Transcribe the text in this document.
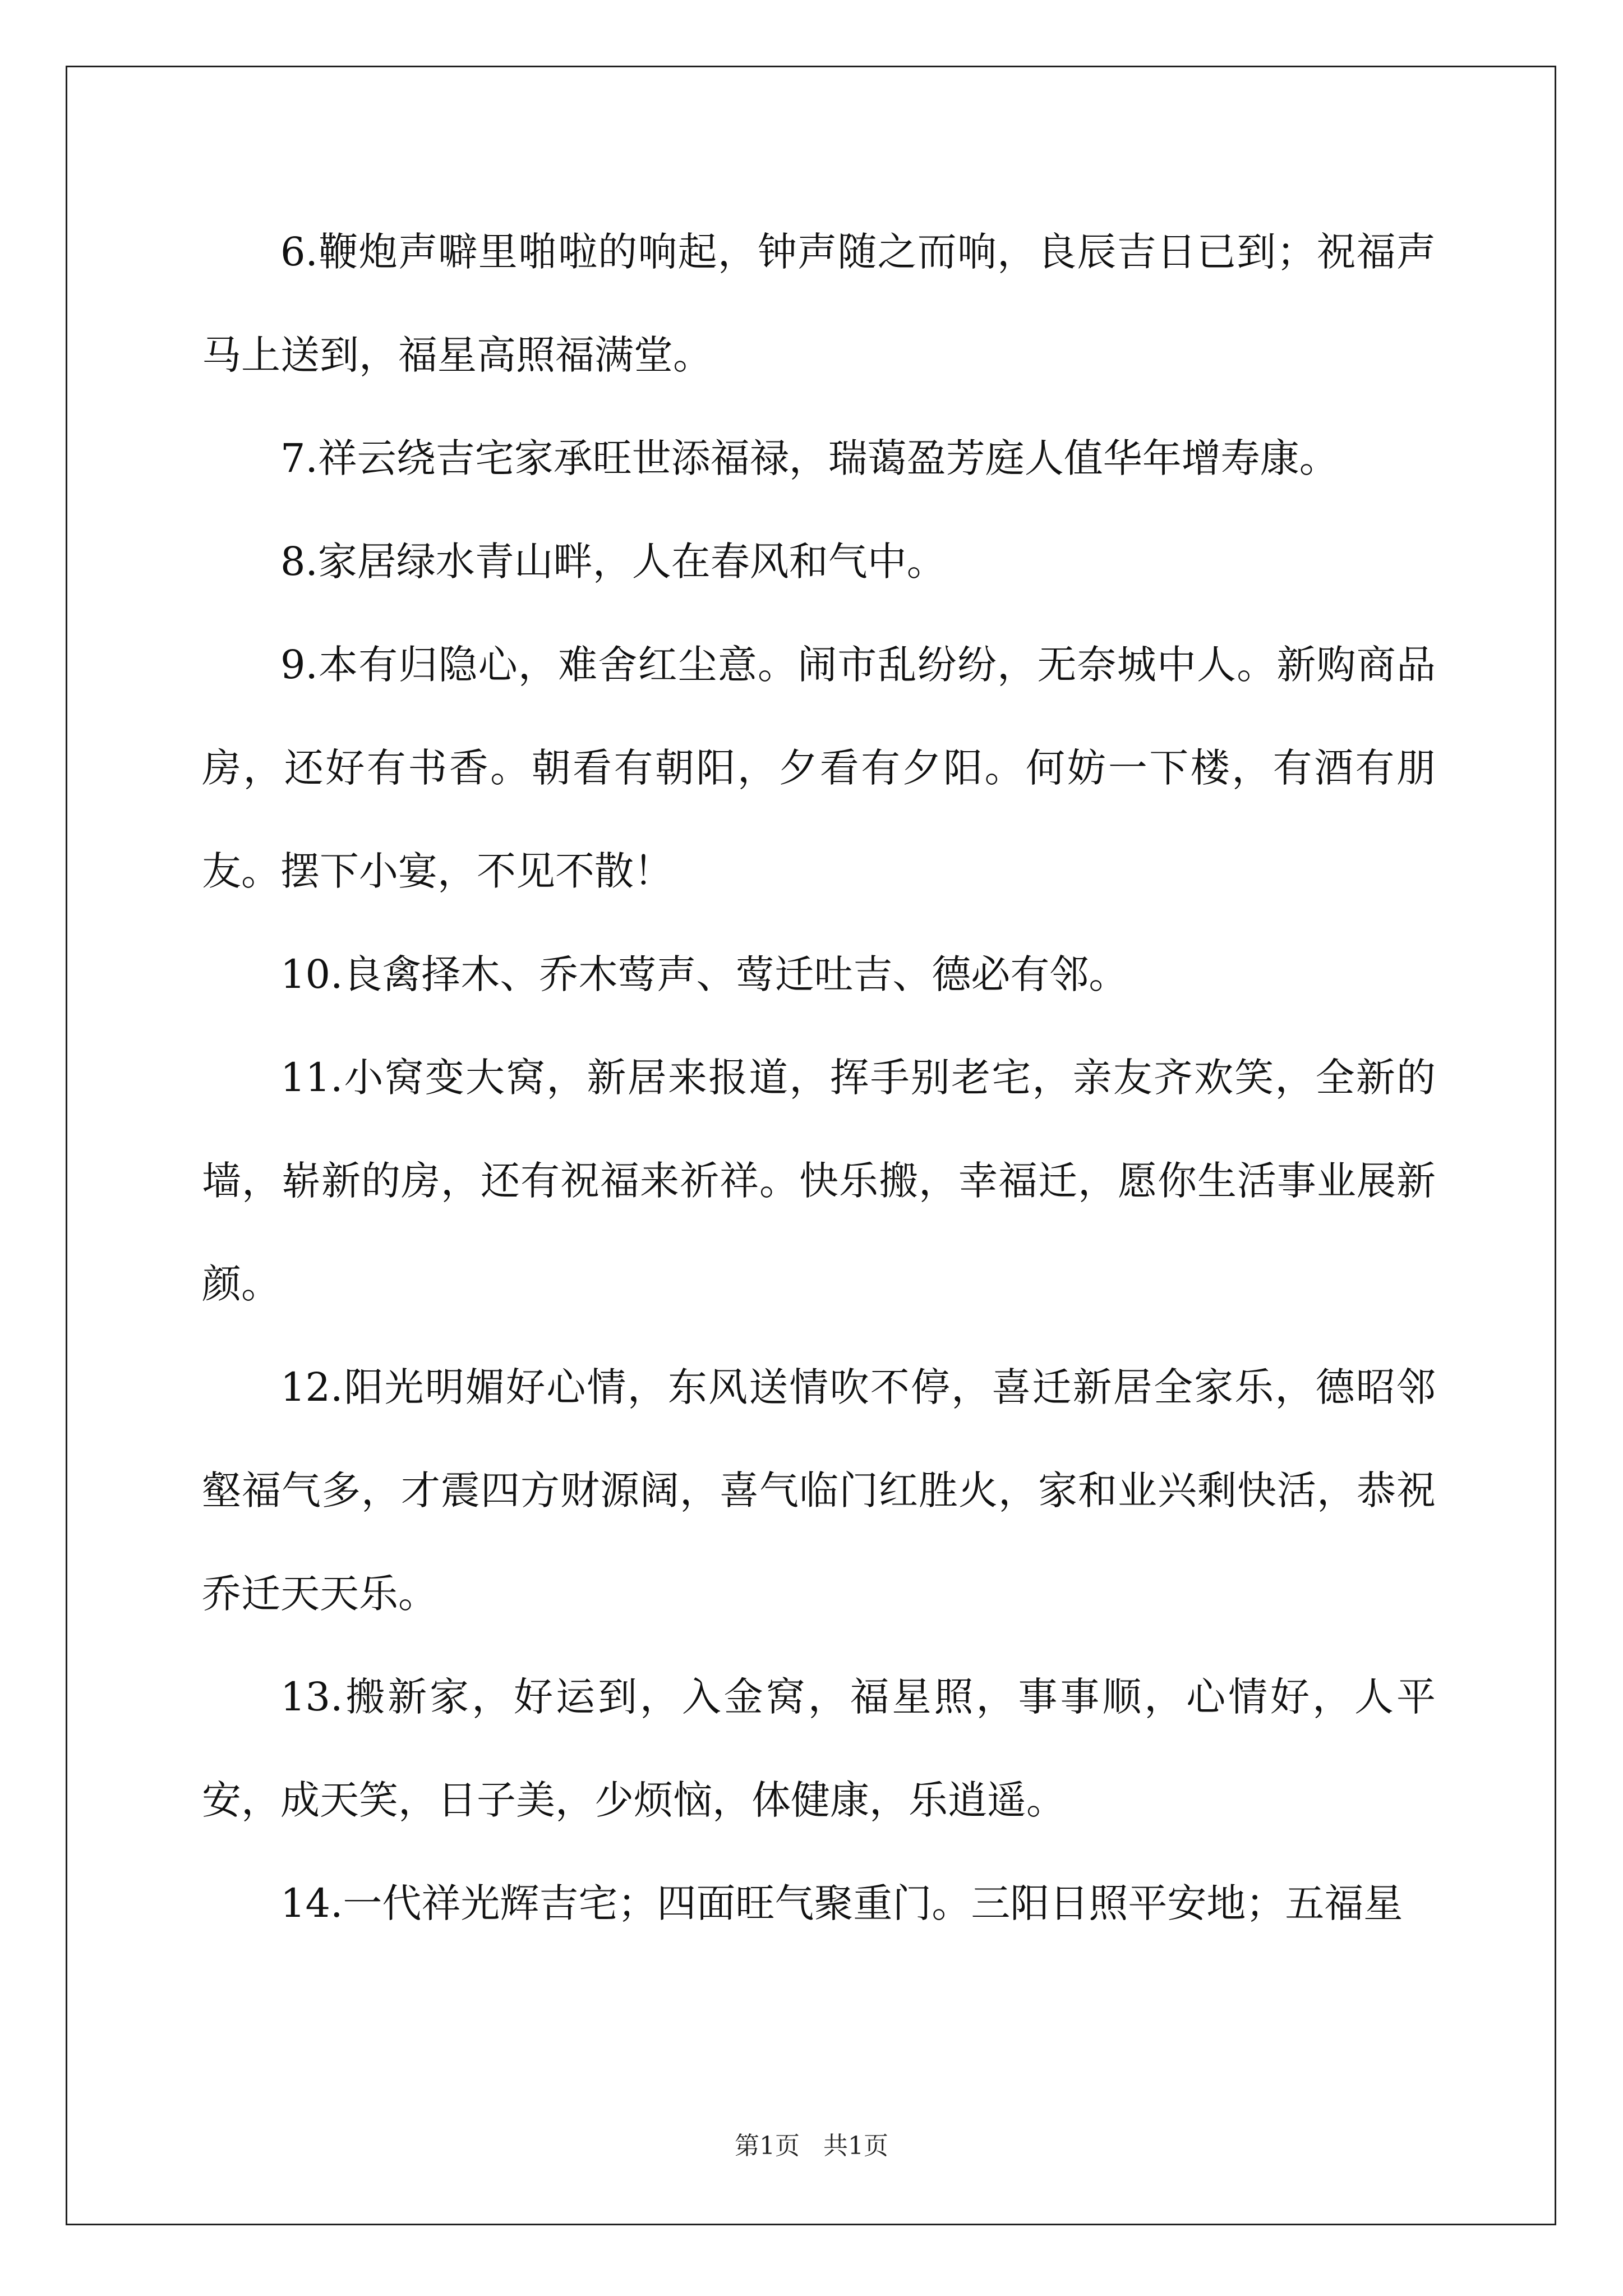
6.鞭炮声噼里啪啦的响起，钟声随之而响，良辰吉日已到；祝福声马上送到，福星高照福满堂。

7.祥云绕吉宅家承旺世添福禄，瑞蔼盈芳庭人值华年增寿康。

8.家居绿水青山畔，人在春风和气中。

9.本有归隐心，难舍红尘意。闹市乱纷纷，无奈城中人。新购商品房，还好有书香。朝看有朝阳，夕看有夕阳。何妨一下楼，有酒有朋友。摆下小宴，不见不散！

10.良禽择木、乔木莺声、莺迁吐吉、德必有邻。

11.小窝变大窝，新居来报道，挥手别老宅，亲友齐欢笑，全新的墙，崭新的房，还有祝福来祈祥。快乐搬，幸福迁，愿你生活事业展新颜。

12.阳光明媚好心情，东风送情吹不停，喜迁新居全家乐，德昭邻壑福气多，才震四方财源阔，喜气临门红胜火，家和业兴剩快活，恭祝乔迁天天乐。

13.搬新家，好运到，入金窝，福星照，事事顺，心情好，人平安，成天笑，日子美，少烦恼，体健康，乐逍遥。

14.一代祥光辉吉宅；四面旺气聚重门。三阳日照平安地；五福星

第1页 共1页
